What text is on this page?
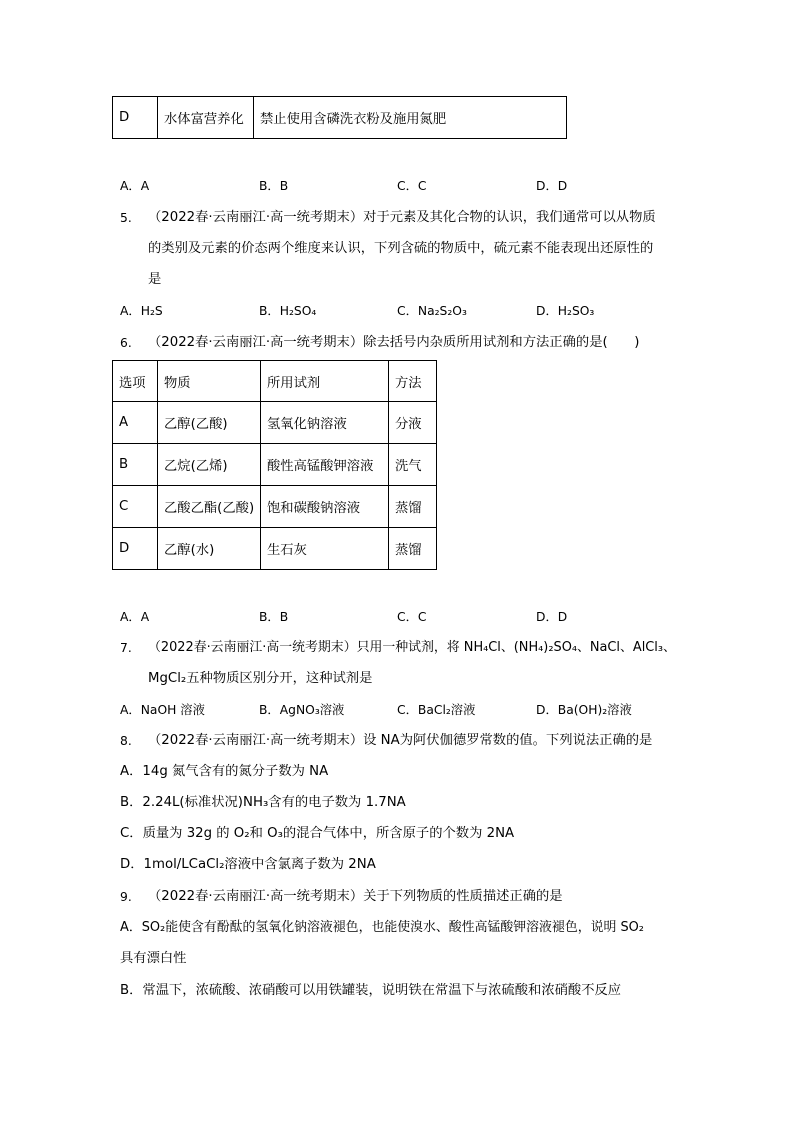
D	水体富营养化	禁止使用含磷洗衣粉及施用氮肥
A．A	B．B	C．C	D．D
5. （2022春·云南丽江·高一统考期末）对于元素及其化合物的认识，我们通常可以从物质
的类别及元素的价态两个维度来认识，下列含硫的物质中，硫元素不能表现出还原性的
是
A．H₂S	B．H₂SO₄	C．Na₂S₂O₃	D．H₂SO₃
6. （2022春·云南丽江·高一统考期末）除去括号内杂质所用试剂和方法正确的是(　　)
选项	物质	所用试剂	方法
A	乙醇(乙酸)	氢氧化钠溶液	分液
B	乙烷(乙烯)	酸性高锰酸钾溶液	洗气
C	乙酸乙酯(乙酸)	饱和碳酸钠溶液	蒸馏
D	乙醇(水)	生石灰	蒸馏
A．A	B．B	C．C	D．D
7. （2022春·云南丽江·高一统考期末）只用一种试剂，将 NH₄Cl、(NH₄)₂SO₄、NaCl、AlCl₃、
MgCl₂五种物质区别分开，这种试剂是
A．NaOH 溶液	B．AgNO₃溶液	C．BaCl₂溶液	D．Ba(OH)₂溶液
8. （2022春·云南丽江·高一统考期末）设 NA为阿伏伽德罗常数的值。下列说法正确的是
A．14g 氮气含有的氮分子数为 NA
B．2.24L(标准状况)NH₃含有的电子数为 1.7NA
C．质量为 32g 的 O₂和 O₃的混合气体中，所含原子的个数为 2NA
D．1mol/LCaCl₂溶液中含氯离子数为 2NA
9. （2022春·云南丽江·高一统考期末）关于下列物质的性质描述正确的是
A．SO₂能使含有酚酞的氢氧化钠溶液褪色，也能使溴水、酸性高锰酸钾溶液褪色，说明 SO₂
具有漂白性
B．常温下，浓硫酸、浓硝酸可以用铁罐装，说明铁在常温下与浓硫酸和浓硝酸不反应
